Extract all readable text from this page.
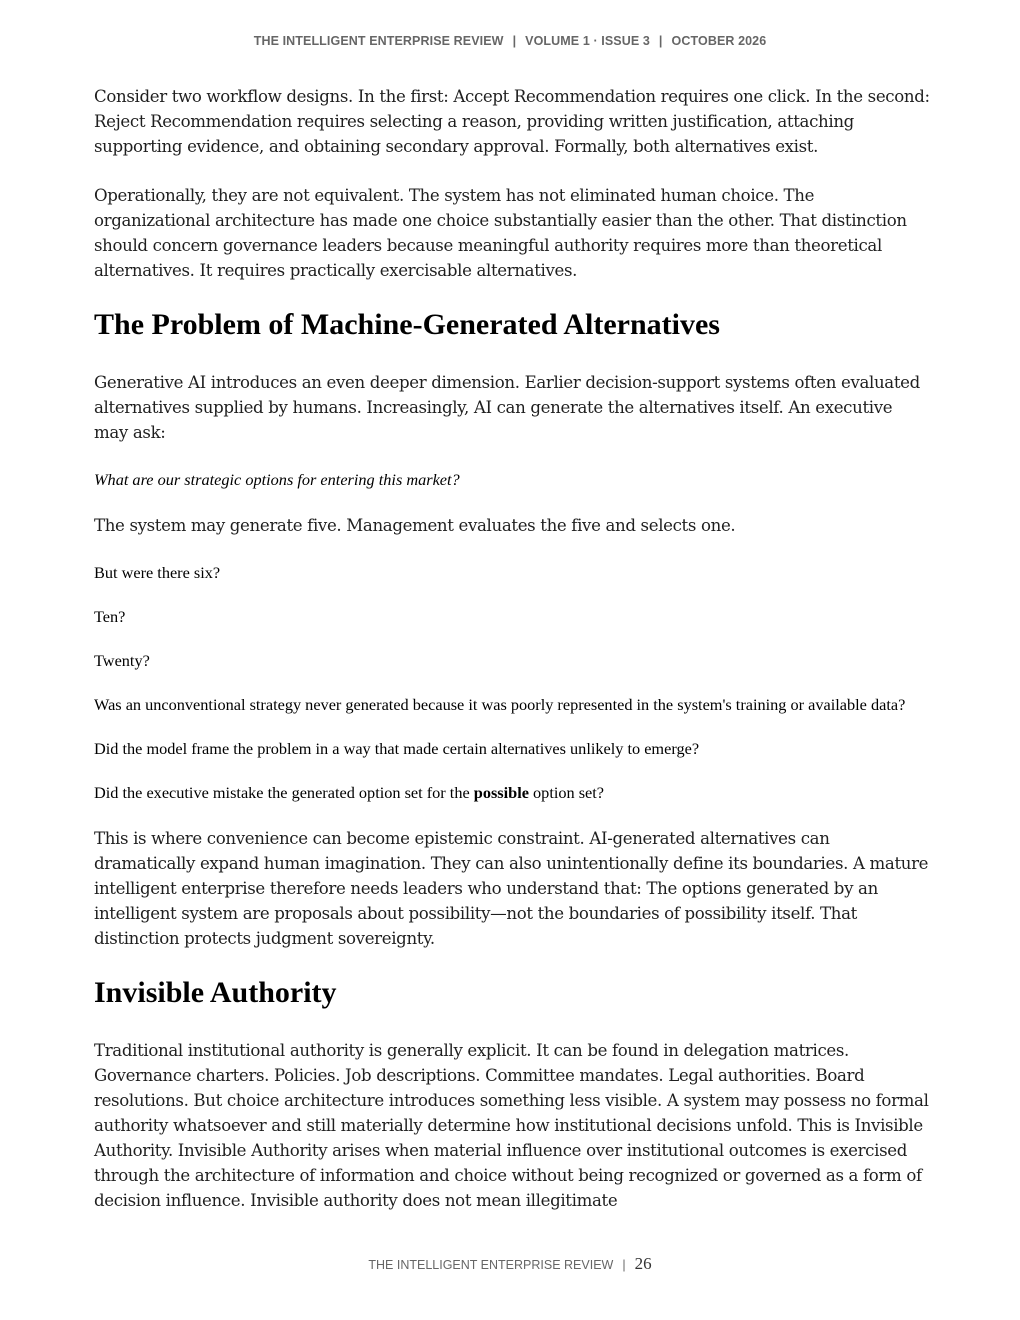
THE INTELLIGENT ENTERPRISE REVIEW | VOLUME 1 · ISSUE 3 | OCTOBER 2026

Consider two workflow designs. In the first: Accept Recommendation requires one click. In the second: Reject Recommendation requires selecting a reason, providing written justification, attaching supporting evidence, and obtaining secondary approval. Formally, both alternatives exist.

Operationally, they are not equivalent. The system has not eliminated human choice. The organizational architecture has made one choice substantially easier than the other. That distinction should concern governance leaders because meaningful authority requires more than theoretical alternatives. It requires practically exercisable alternatives.

The Problem of Machine-Generated Alternatives

Generative AI introduces an even deeper dimension. Earlier decision-support systems often evaluated alternatives supplied by humans. Increasingly, AI can generate the alternatives itself. An executive may ask:

What are our strategic options for entering this market?

The system may generate five. Management evaluates the five and selects one.

But were there six?

Ten?

Twenty?

Was an unconventional strategy never generated because it was poorly represented in the system's training or available data?

Did the model frame the problem in a way that made certain alternatives unlikely to emerge?

Did the executive mistake the generated option set for the possible option set?

This is where convenience can become epistemic constraint. AI-generated alternatives can dramatically expand human imagination. They can also unintentionally define its boundaries. A mature intelligent enterprise therefore needs leaders who understand that: The options generated by an intelligent system are proposals about possibility—not the boundaries of possibility itself. That distinction protects judgment sovereignty.

Invisible Authority

Traditional institutional authority is generally explicit. It can be found in delegation matrices. Governance charters. Policies. Job descriptions. Committee mandates. Legal authorities. Board resolutions. But choice architecture introduces something less visible. A system may possess no formal authority whatsoever and still materially determine how institutional decisions unfold. This is Invisible Authority. Invisible Authority arises when material influence over institutional outcomes is exercised through the architecture of information and choice without being recognized or governed as a form of decision influence. Invisible authority does not mean illegitimate

THE INTELLIGENT ENTERPRISE REVIEW | 26
